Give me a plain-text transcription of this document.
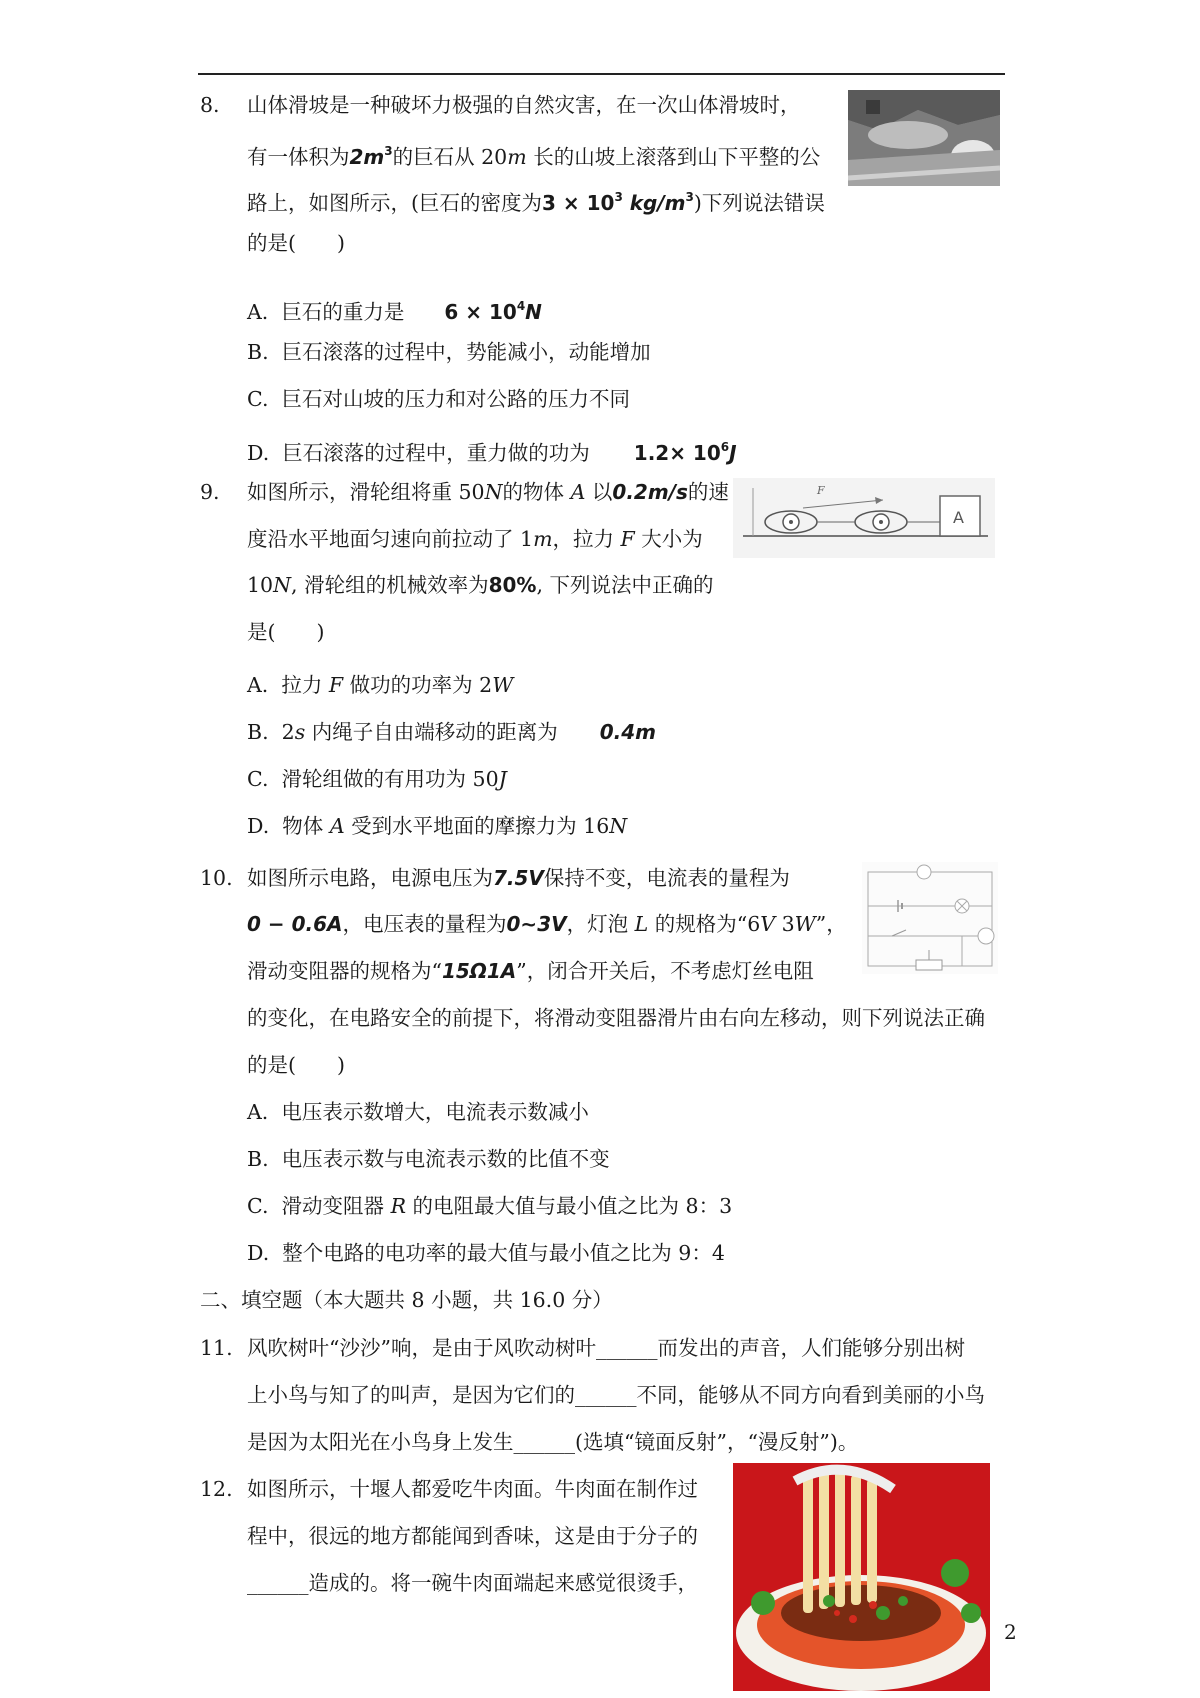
8. 山体滑坡是一种破坏力极强的自然灾害，在一次山体滑坡时，
有一体积为$2m^3$的巨石从 20m 长的山坡上滚落到山下平整的公
路上，如图所示，(巨石的密度为$3 \times 10^3$ $kg/m^3$)下列说法错误
的是(　　)
A. 巨石的重力是 $6 \times 10^4N$
B. 巨石滚落的过程中，势能减小，动能增加
C. 巨石对山坡的压力和对公路的压力不同
D. 巨石滚落的过程中，重力做的功为 $1.2\times 10^6J$
9. 如图所示，滑轮组将重 50N的物体 A 以0.2m/s的速
度沿水平地面匀速向前拉动了 1m，拉力 F 大小为
10N, 滑轮组的机械效率为80%, 下列说法中正确的
是(　　)
A. 拉力 F 做功的功率为 2W
B. 2s 内绳子自由端移动的距离为 0.4m
C. 滑轮组做的有用功为 50J
D. 物体 A 受到水平地面的摩擦力为 16N
F
A
10. 如图所示电路，电源电压为7.5V保持不变，电流表的量程为
0 − 0.6A，电压表的量程为0∼3V，灯泡 L 的规格为“6V 3W”，
滑动变阻器的规格为“15Ω1A”，闭合开关后，不考虑灯丝电阻
的变化，在电路安全的前提下，将滑动变阻器滑片由右向左移动，则下列说法正确
的是(　　)
A. 电压表示数增大，电流表示数减小
B. 电压表示数与电流表示数的比值不变
C. 滑动变阻器 R 的电阻最大值与最小值之比为 8：3
D. 整个电路的电功率的最大值与最小值之比为 9：4
二、填空题（本大题共 8 小题，共 16.0 分）
11. 风吹树叶“沙沙”响，是由于风吹动树叶______而发出的声音，人们能够分别出树
上小鸟与知了的叫声，是因为它们的______不同，能够从不同方向看到美丽的小鸟
是因为太阳光在小鸟身上发生______(选填“镜面反射”，“漫反射”)。
12. 如图所示，十堰人都爱吃牛肉面。牛肉面在制作过
程中，很远的地方都能闻到香味，这是由于分子的
______造成的。将一碗牛肉面端起来感觉很烫手，
2
